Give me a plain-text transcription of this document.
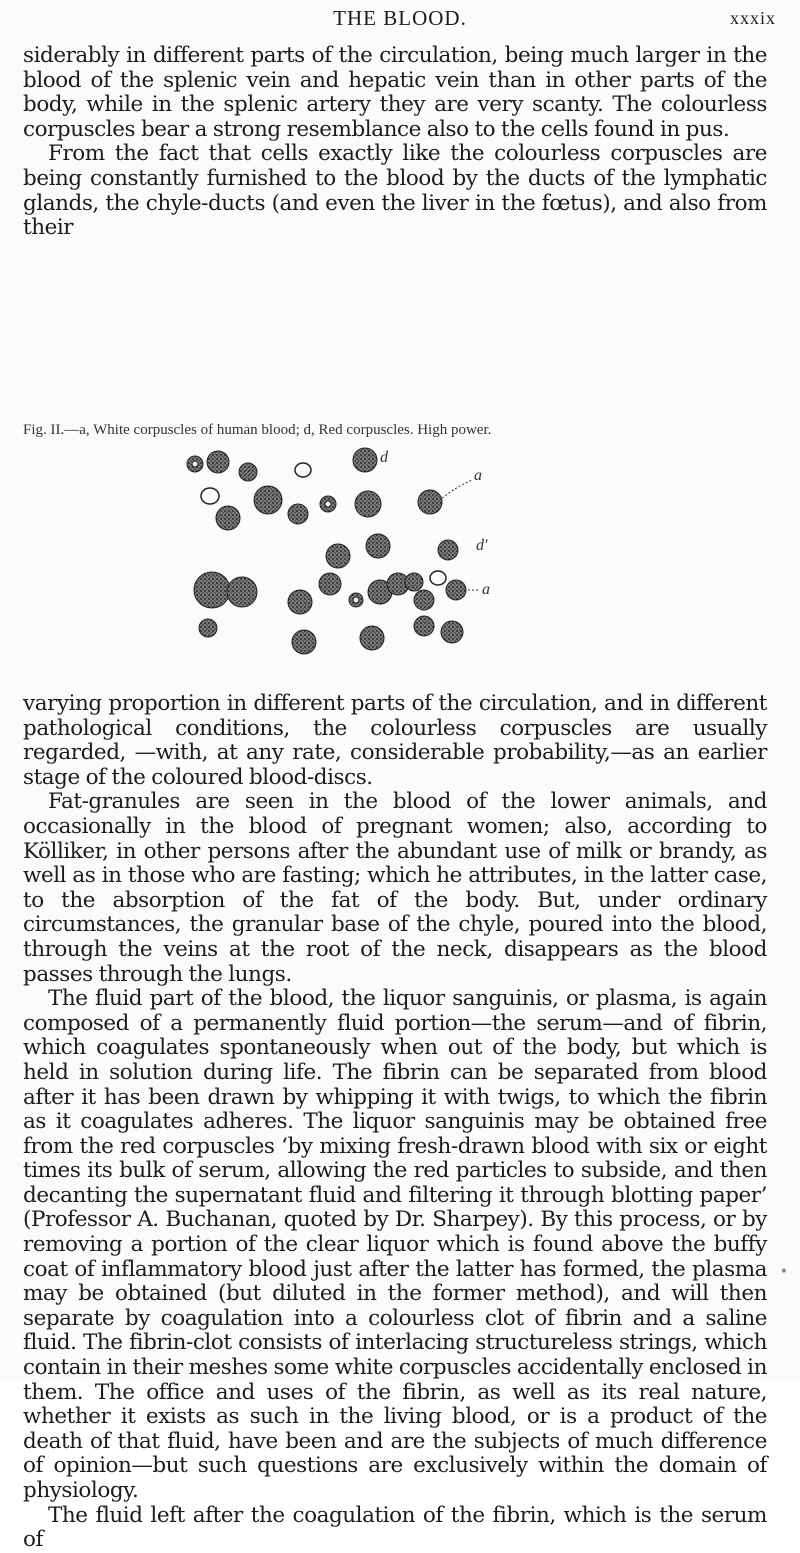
THE BLOOD.	xxxix

siderably in different parts of the circulation, being much larger in the blood of the splenic vein and hepatic vein than in other parts of the body, while in the splenic artery they are very scanty. The colourless corpuscles bear a strong resemblance also to the cells found in pus.

From the fact that cells exactly like the colourless corpuscles are being constantly furnished to the blood by the ducts of the lymphatic glands, the chyle-ducts (and even the liver in the fœtus), and also from their

Fig. II.—a, White corpuscles of human blood; d, Red corpuscles. High power.
d
a
d′
a

varying proportion in different parts of the circulation, and in different pathological conditions, the colourless corpuscles are usually regarded, —with, at any rate, considerable probability,—as an earlier stage of the coloured blood-discs.

Fat-granules are seen in the blood of the lower animals, and occasionally in the blood of pregnant women; also, according to Kölliker, in other persons after the abundant use of milk or brandy, as well as in those who are fasting; which he attributes, in the latter case, to the absorption of the fat of the body. But, under ordinary circumstances, the granular base of the chyle, poured into the blood, through the veins at the root of the neck, disappears as the blood passes through the lungs.

The fluid part of the blood, the liquor sanguinis, or plasma, is again composed of a permanently fluid portion—the serum—and of fibrin, which coagulates spontaneously when out of the body, but which is held in solution during life. The fibrin can be separated from blood after it has been drawn by whipping it with twigs, to which the fibrin as it coagulates adheres. The liquor sanguinis may be obtained free from the red corpuscles ‘by mixing fresh-drawn blood with six or eight times its bulk of serum, allowing the red particles to subside, and then decanting the supernatant fluid and filtering it through blotting paper’ (Professor A. Buchanan, quoted by Dr. Sharpey). By this process, or by removing a portion of the clear liquor which is found above the buffy coat of inflammatory blood just after the latter has formed, the plasma may be obtained (but diluted in the former method), and will then separate by coagulation into a colourless clot of fibrin and a saline fluid. The fibrin-clot consists of interlacing structureless strings, which contain in their meshes some white corpuscles accidentally enclosed in them. The office and uses of the fibrin, as well as its real nature, whether it exists as such in the living blood, or is a product of the death of that fluid, have been and are the subjects of much difference of opinion—but such questions are exclusively within the domain of physiology.

The fluid left after the coagulation of the fibrin, which is the serum of

•
